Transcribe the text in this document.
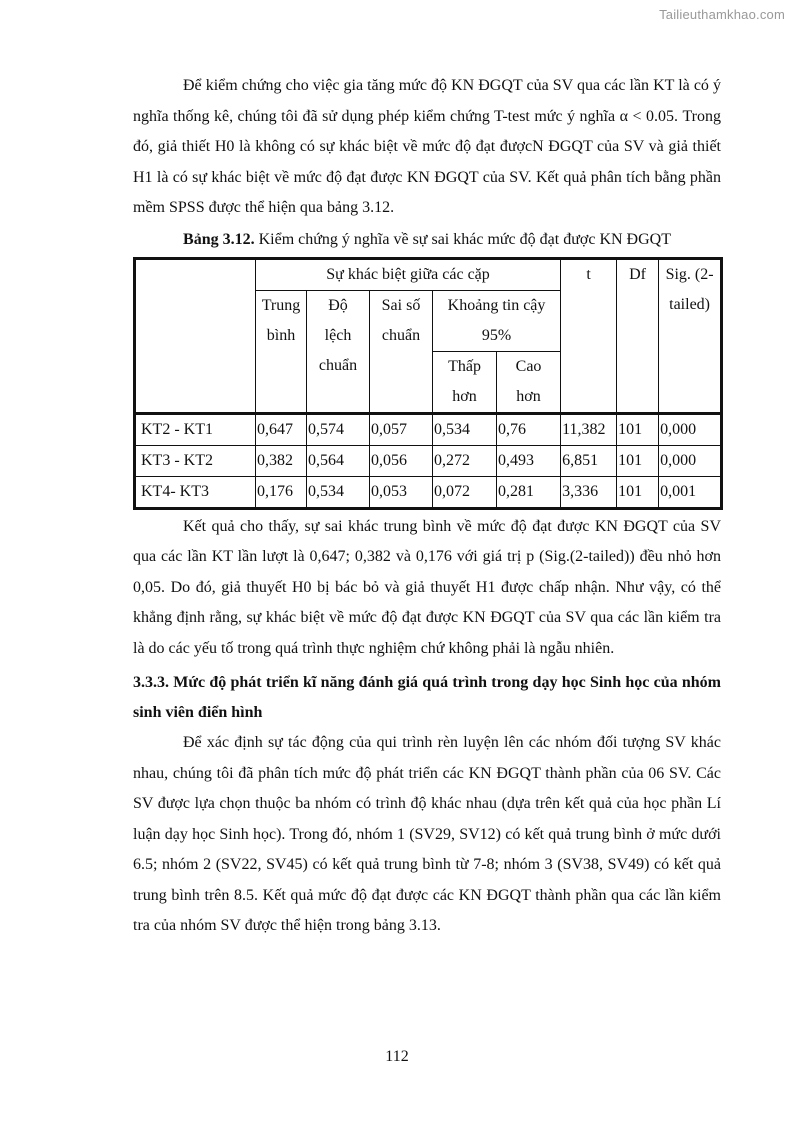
Tailieuthamkhao.com

Để kiểm chứng cho việc gia tăng mức độ KN ĐGQT của SV qua các lần KT là có ý nghĩa thống kê, chúng tôi đã sử dụng phép kiểm chứng T-test mức ý nghĩa α < 0.05. Trong đó, giả thiết H0 là không có sự khác biệt về mức độ đạt đượcN ĐGQT của SV và giả thiết H1 là có sự khác biệt về mức độ đạt được KN ĐGQT của SV. Kết quả phân tích bằng phần mềm SPSS được thể hiện qua bảng 3.12.

Bảng 3.12. Kiểm chứng ý nghĩa về sự sai khác mức độ đạt được KN ĐGQT
	Sự khác biệt giữa các cặp					t	Df	Sig. (2-tailed)
	Trung bình	Độ lệch chuẩn	Sai số chuẩn	Khoảng tin cậy 95%				
				Thấp hơn	Cao hơn			

KT2 - KT1	0,647	0,574	0,057	0,534	0,76	11,382	101	0,000
KT3 - KT2	0,382	0,564	0,056	0,272	0,493	6,851	101	0,000
KT4- KT3	0,176	0,534	0,053	0,072	0,281	3,336	101	0,001

Kết quả cho thấy, sự sai khác trung bình về mức độ đạt được KN ĐGQT của SV qua các lần KT lần lượt là 0,647; 0,382 và 0,176 với giá trị p (Sig.(2-tailed)) đều nhỏ hơn 0,05. Do đó, giả thuyết H0 bị bác bỏ và giả thuyết H1 được chấp nhận. Như vậy, có thể khẳng định rằng, sự khác biệt về mức độ đạt được KN ĐGQT của SV qua các lần kiểm tra là do các yếu tố trong quá trình thực nghiệm chứ không phải là ngẫu nhiên.

3.3.3. Mức độ phát triển kĩ năng đánh giá quá trình trong dạy học Sinh học của nhóm sinh viên điển hình

Để xác định sự tác động của qui trình rèn luyện lên các nhóm đối tượng SV khác nhau, chúng tôi đã phân tích mức độ phát triển các KN ĐGQT thành phần của 06 SV. Các SV được lựa chọn thuộc ba nhóm có trình độ khác nhau (dựa trên kết quả của học phần Lí luận dạy học Sinh học). Trong đó, nhóm 1 (SV29, SV12) có kết quả trung bình ở mức dưới 6.5; nhóm 2 (SV22, SV45) có kết quả trung bình từ 7-8; nhóm 3 (SV38, SV49) có kết quả trung bình trên 8.5. Kết quả mức độ đạt được các KN ĐGQT thành phần qua các lần kiểm tra của nhóm SV được thể hiện trong bảng 3.13.

112
